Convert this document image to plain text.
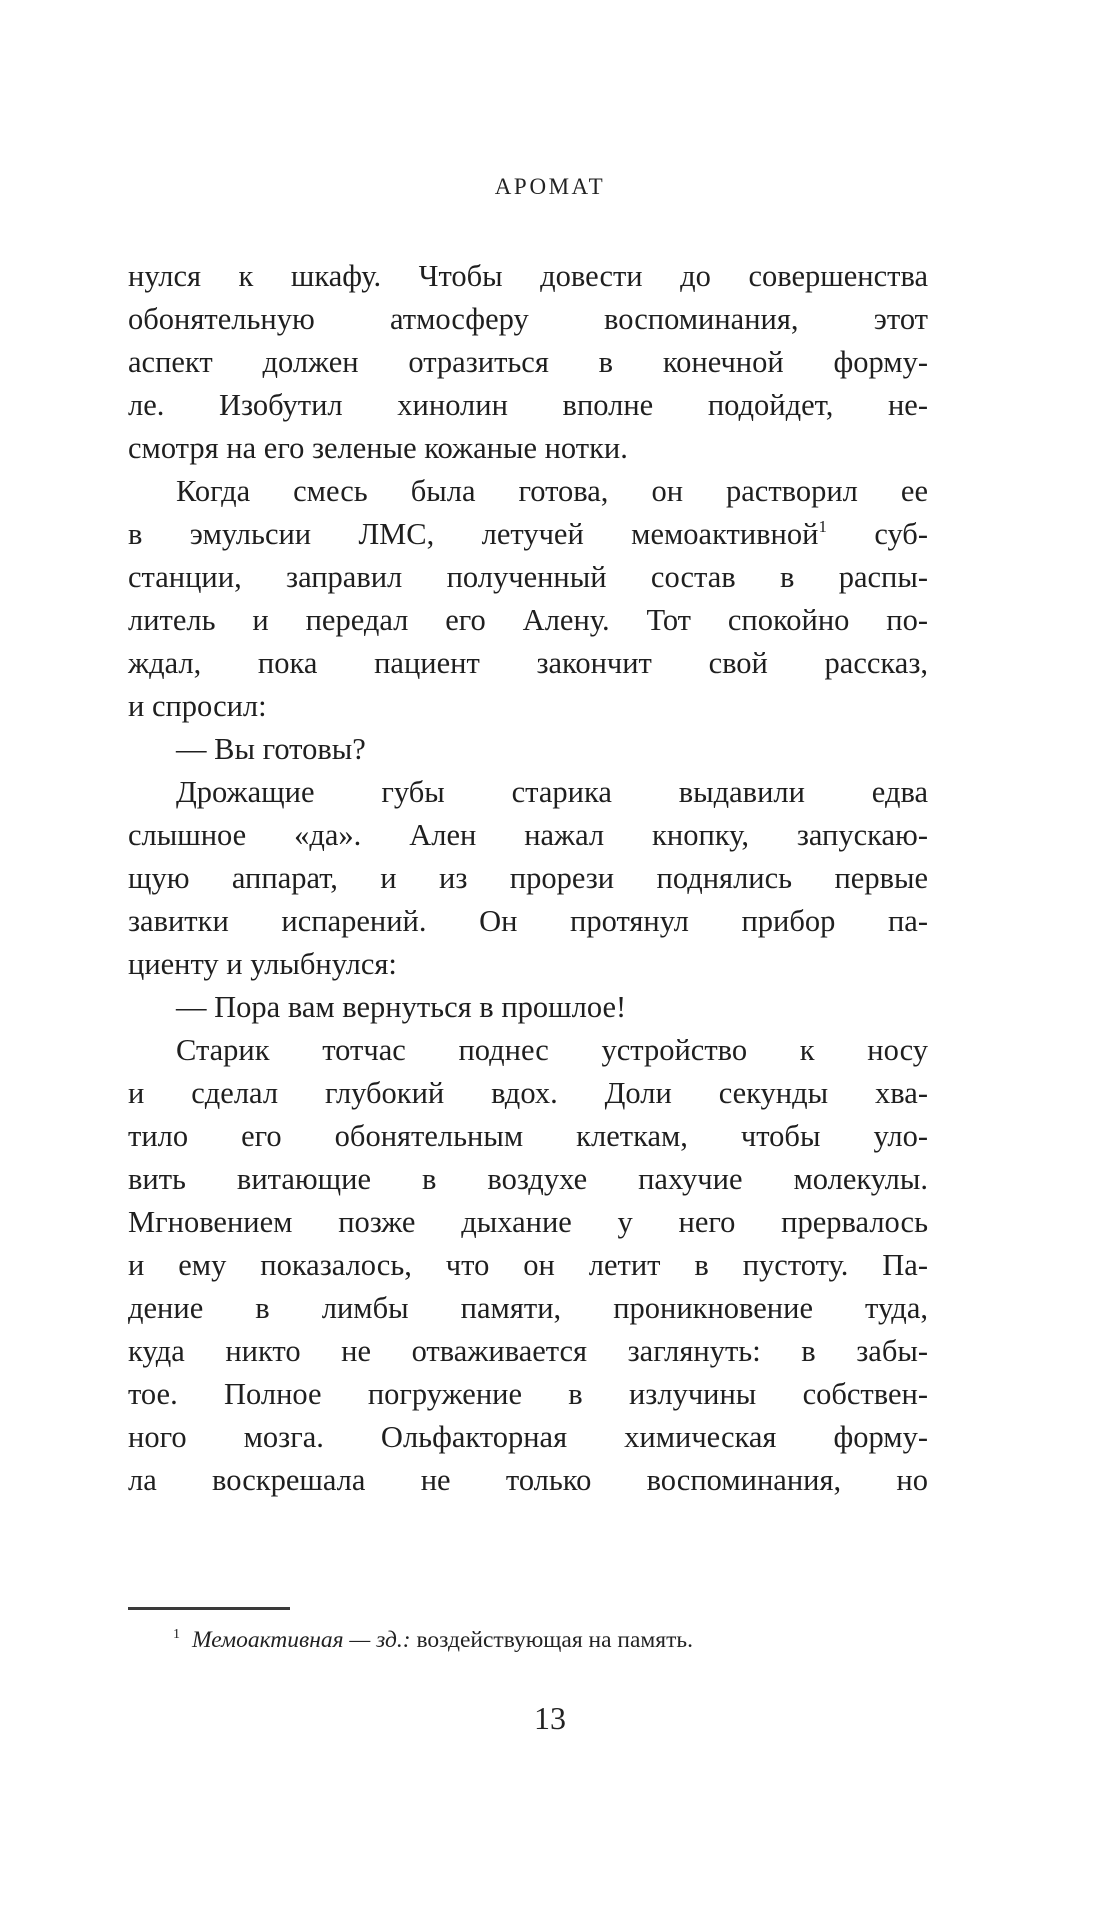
АРОМАТ
нулся к шкафу. Чтобы довести до совершенства
обонятельную атмосферу воспоминания, этот
аспект должен отразиться в конечной форму-
ле. Изобутил хинолин вполне подойдет, не-
смотря на его зеленые кожаные нотки.
Когда смесь была готова, он растворил ее
в эмульсии ЛМС, летучей мемоактивной$^1$ суб-
станции, заправил полученный состав в распы-
литель и передал его Алену. Тот спокойно по-
ждал, пока пациент закончит свой рассказ,
и спросил:
— Вы готовы?
Дрожащие губы старика выдавили едва
слышное «да». Ален нажал кнопку, запускаю-
щую аппарат, и из прорези поднялись первые
завитки испарений. Он протянул прибор па-
циенту и улыбнулся:
— Пора вам вернуться в прошлое!
Старик тотчас поднес устройство к носу
и сделал глубокий вдох. Доли секунды хва-
тило его обонятельным клеткам, чтобы уло-
вить витающие в воздухе пахучие молекулы.
Мгновением позже дыхание у него прервалось
и ему показалось, что он летит в пустоту. Па-
дение в лимбы памяти, проникновение туда,
куда никто не отваживается заглянуть: в забы-
тое. Полное погружение в излучины собствен-
ного мозга. Ольфакторная химическая форму-
ла воскрешала не только воспоминания, но
$^1$ Мемоактивная — зд.: воздействующая на память.
13
